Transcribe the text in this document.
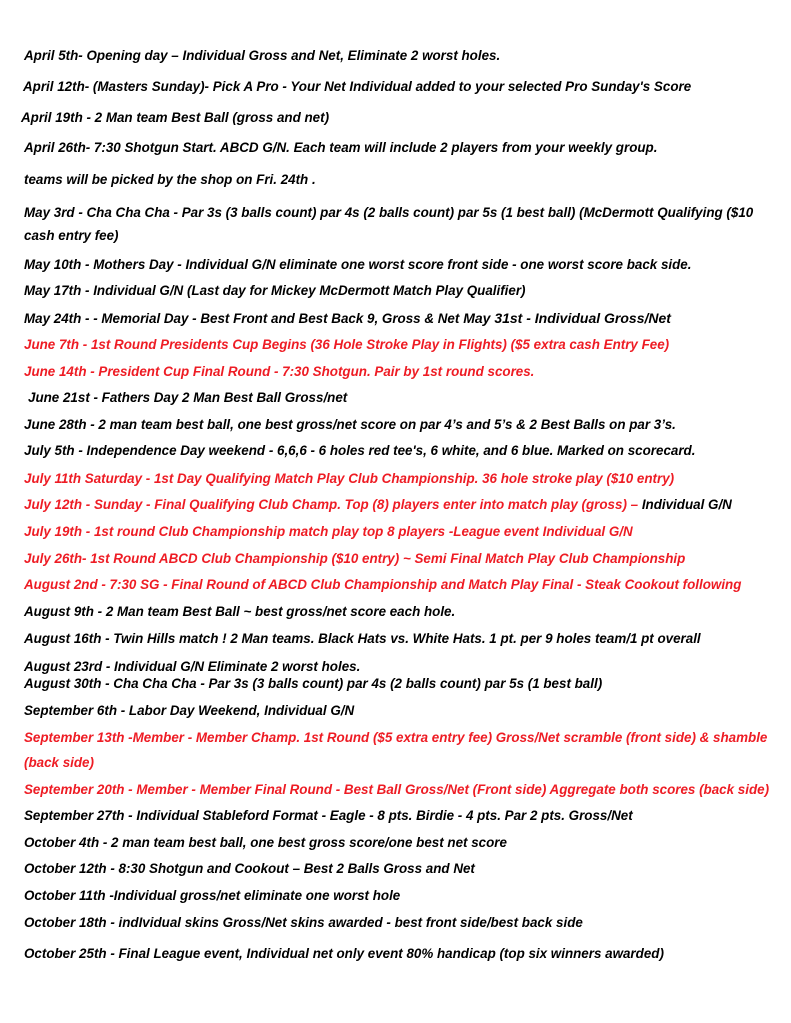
April 5th- Opening day – Individual Gross and Net, Eliminate 2 worst holes.
April 12th- (Masters Sunday)- Pick A Pro - Your Net Individual added to your selected Pro Sunday's Score
April 19th - 2 Man team Best Ball (gross and net)
April 26th- 7:30 Shotgun Start. ABCD G/N. Each team will include 2 players from your weekly group.
teams will be picked by the shop on Fri. 24th .
May 3rd - Cha Cha Cha - Par 3s (3 balls count) par 4s (2 balls count) par 5s (1 best ball) (McDermott Qualifying ($10
cash entry fee)
May 10th - Mothers Day - Individual G/N eliminate one worst score front side - one worst score back side.
May 17th - Individual G/N (Last day for Mickey McDermott Match Play Qualifier)
May 24th - - Memorial Day - Best Front and Best Back 9, Gross & Net May 31st - Individual Gross/Net
June 7th - 1st Round Presidents Cup Begins (36 Hole Stroke Play in Flights) ($5 extra cash Entry Fee)
June 14th - President Cup Final Round - 7:30 Shotgun. Pair by 1st round scores.
June 21st - Fathers Day 2 Man Best Ball Gross/net
June 28th - 2 man team best ball, one best gross/net score on par 4’s and 5’s & 2 Best Balls on par 3’s.
July 5th - Independence Day weekend - 6,6,6 - 6 holes red tee's, 6 white, and 6 blue. Marked on scorecard.
July 11th Saturday - 1st Day Qualifying Match Play Club Championship. 36 hole stroke play ($10 entry)
July 12th - Sunday - Final Qualifying Club Champ. Top (8) players enter into match play (gross) – Individual G/N
July 19th - 1st round Club Championship match play top 8 players -League event Individual G/N
July 26th- 1st Round ABCD Club Championship ($10 entry) ~ Semi Final Match Play Club Championship
August 2nd - 7:30 SG - Final Round of ABCD Club Championship and Match Play Final - Steak Cookout following
August 9th - 2 Man team Best Ball ~ best gross/net score each hole.
August 16th - Twin Hills match ! 2 Man teams. Black Hats vs. White Hats. 1 pt. per 9 holes team/1 pt overall
August 23rd - Individual G/N Eliminate 2 worst holes.
August 30th - Cha Cha Cha - Par 3s (3 balls count) par 4s (2 balls count) par 5s (1 best ball)
September 6th - Labor Day Weekend, Individual G/N
September 13th -Member - Member Champ. 1st Round ($5 extra entry fee) Gross/Net scramble (front side) & shamble
(back side)
September 20th - Member - Member Final Round - Best Ball Gross/Net (Front side) Aggregate both scores (back side)
September 27th - Individual Stableford Format - Eagle - 8 pts. Birdie - 4 pts. Par 2 pts. Gross/Net
October 4th - 2 man team best ball, one best gross score/one best net score
October 12th - 8:30 Shotgun and Cookout – Best 2 Balls Gross and Net
October 11th -Individual gross/net eliminate one worst hole
October 18th - indIvidual skins Gross/Net skins awarded - best front side/best back side
October 25th - Final League event, Individual net only event 80% handicap (top six winners awarded)
